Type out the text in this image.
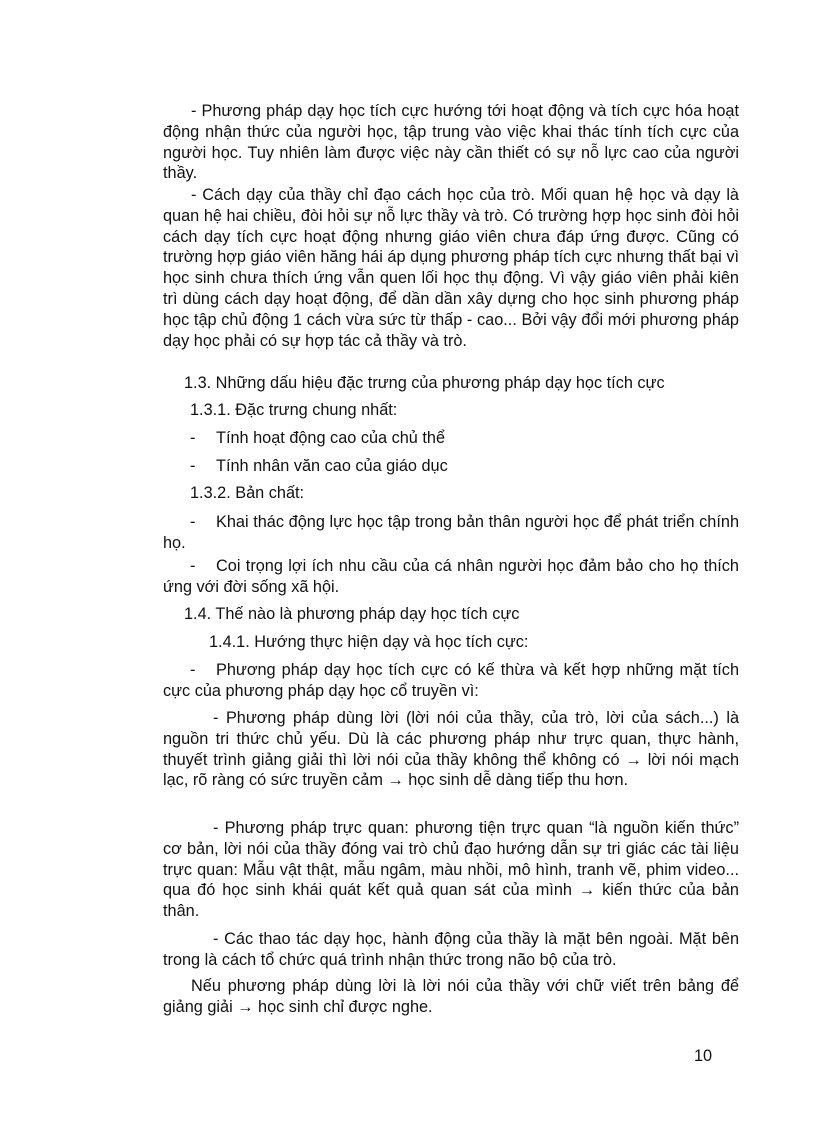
- Phương pháp dạy học tích cực hướng tới hoạt động và tích cực hóa hoạt động nhận thức của người học, tập trung vào việc khai thác tính tích cực của người học. Tuy nhiên làm được việc này cần thiết có sự nỗ lực cao của người thầy.

- Cách dạy của thầy chỉ đạo cách học của trò. Mối quan hệ học và dạy là quan hệ hai chiều, đòi hỏi sự nỗ lực thầy và trò. Có trường hợp học sinh đòi hỏi cách dạy tích cực hoạt động nhưng giáo viên chưa đáp ứng được. Cũng có trường hợp giáo viên hăng hái áp dụng phương pháp tích cực nhưng thất bại vì học sinh chưa thích ứng vẫn quen lối học thụ động. Vì vậy giáo viên phải kiên trì dùng cách dạy hoạt động, để dần dần xây dựng cho học sinh phương pháp học tập chủ động 1 cách vừa sức từ thấp - cao... Bởi vậy đổi mới phương pháp dạy học phải có sự hợp tác cả thầy và trò.

1.3. Những dấu hiệu đặc trưng của phương pháp dạy học tích cực

1.3.1. Đặc trưng chung nhất:

- Tính hoạt động cao của chủ thể

- Tính nhân văn cao của giáo dục

1.3.2. Bản chất:

- Khai thác động lực học tập trong bản thân người học để phát triển chính họ.

- Coi trọng lợi ích nhu cầu của cá nhân người học đảm bảo cho họ thích ứng với đời sống xã hội.

1.4. Thế nào là phương pháp dạy học tích cực

1.4.1. Hướng thực hiện dạy và học tích cực:

- Phương pháp dạy học tích cực có kế thừa và kết hợp những mặt tích cực của phương pháp dạy học cổ truyền vì:

- Phương pháp dùng lời (lời nói của thầy, của trò, lời của sách...) là nguồn tri thức chủ yếu. Dù là các phương pháp như trực quan, thực hành, thuyết trình giảng giải thì lời nói của thầy không thể không có → lời nói mạch lạc, rõ ràng có sức truyền cảm → học sinh dễ dàng tiếp thu hơn.

- Phương pháp trực quan: phương tiện trực quan “là nguồn kiến thức” cơ bản, lời nói của thầy đóng vai trò chủ đạo hướng dẫn sự tri giác các tài liệu trực quan: Mẫu vật thật, mẫu ngâm, màu nhồi, mô hình, tranh vẽ, phim video... qua đó học sinh khái quát kết quả quan sát của mình → kiến thức của bản thân.

- Các thao tác dạy học, hành động của thầy là mặt bên ngoài. Mặt bên trong là cách tổ chức quá trình nhận thức trong não bộ của trò.

Nếu phương pháp dùng lời là lời nói của thầy với chữ viết trên bảng để giảng giải → học sinh chỉ được nghe.

10
